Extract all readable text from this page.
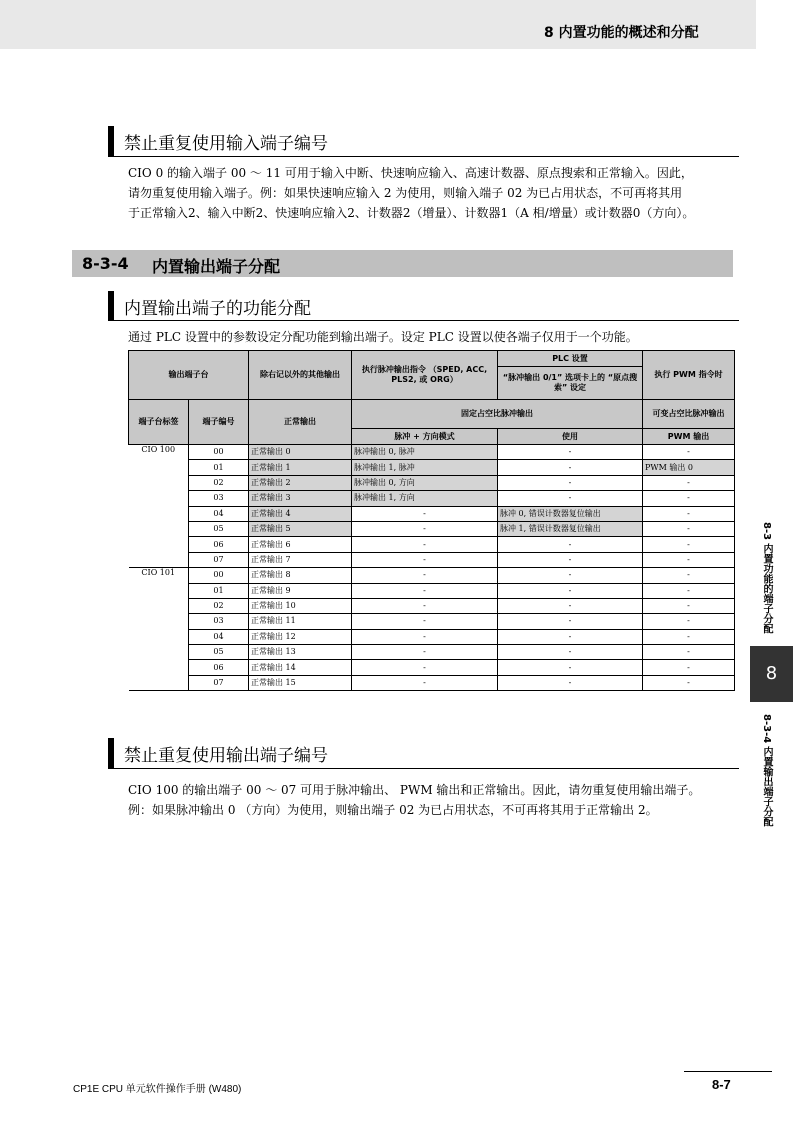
8 内置功能的概述和分配
禁止重复使用输入端子编号
CIO 0 的输入端子 00 ～ 11 可用于输入中断、快速响应输入、高速计数器、原点搜索和正常输入。因此，
请勿重复使用输入端子。例：如果快速响应输入 2 为使用，则输入端子 02 为已占用状态，不可再将其用
于正常输入2、输入中断2、快速响应输入2、计数器2（增量）、计数器1（A 相/增量）或计数器0（方向）。
8-3-4 内置输出端子分配
内置输出端子的功能分配
通过 PLC 设置中的参数设定分配功能到输出端子。设定 PLC 设置以使各端子仅用于一个功能。
输出端子台		除右记以外的其他输出	执行脉冲输出指令 （SPED, ACC, PLS2, 或 ORG）	PLC 设置	执行 PWM 指令时
				“脉冲输出 0/1” 选项卡上的 “原点搜索” 设定	
端子台标签	端子编号	正常输出	固定占空比脉冲输出		可变占空比脉冲输出
			脉冲 + 方向模式	使用	PWM 输出
CIO 100	00	正常输出 0	脉冲输出 0, 脉冲	-	-
	01	正常输出 1	脉冲输出 1, 脉冲	-	PWM 输出 0
	02	正常输出 2	脉冲输出 0, 方向	-	-
	03	正常输出 3	脉冲输出 1, 方向	-	-
	04	正常输出 4	-	脉冲 0, 错误计数器复位输出	-
	05	正常输出 5	-	脉冲 1, 错误计数器复位输出	-
	06	正常输出 6	-	-	-
	07	正常输出 7	-	-	-
CIO 101	00	正常输出 8	-	-	-
	01	正常输出 9	-	-	-
	02	正常输出 10	-	-	-
	03	正常输出 11	-	-	-
	04	正常输出 12	-	-	-
	05	正常输出 13	-	-	-
	06	正常输出 14	-	-	-
	07	正常输出 15	-	-	-
禁止重复使用输出端子编号
CIO 100 的输出端子 00 ～ 07 可用于脉冲输出、 PWM 输出和正常输出。因此，请勿重复使用输出端子。
例：如果脉冲输出 0 （方向）为使用，则输出端子 02 为已占用状态，不可再将其用于正常输出 2。
8-3 内置功能的端子分配
8
8-3-4 内置输出端子分配
CP1E CPU 单元软件操作手册 (W480)	8-7
